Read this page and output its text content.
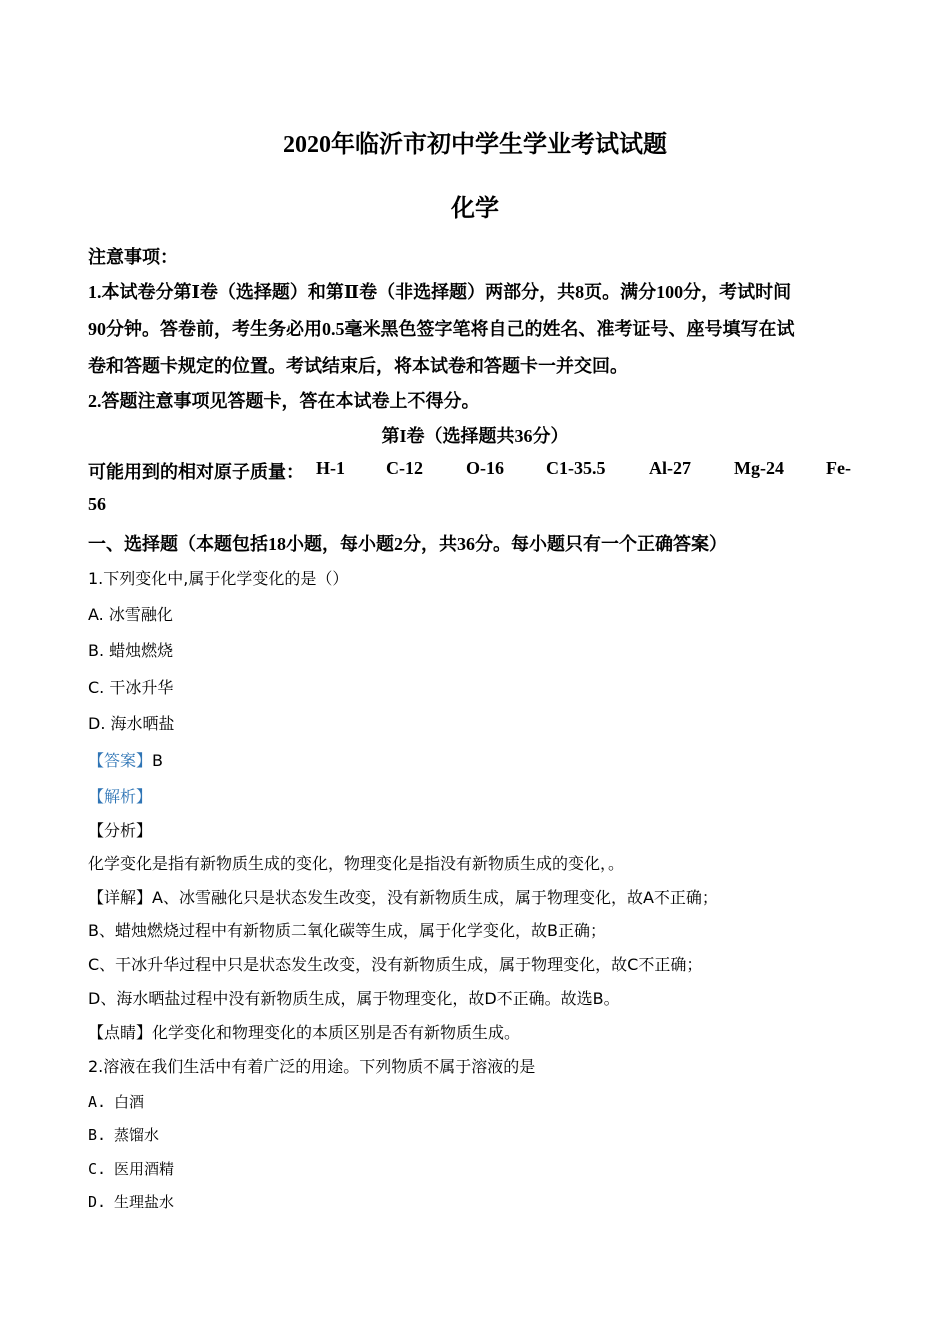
2020年临沂市初中学生学业考试试题
化学
注意事项：
1.本试卷分第Ⅰ卷（选择题）和第Ⅱ卷（非选择题）两部分，共8页。满分100分，考试时间
90分钟。答卷前，考生务必用0.5毫米黑色签字笔将自己的姓名、准考证号、座号填写在试
卷和答题卡规定的位置。考试结束后，将本试卷和答题卡一并交回。
2.答题注意事项见答题卡，答在本试卷上不得分。
第I卷（选择题共36分）
可能用到的相对原子质量： H-1 C-12 O-16 C1-35.5 Al-27 Mg-24 Fe-
56
一、选择题（本题包括18小题，每小题2分，共36分。每小题只有一个正确答案）
1.下列变化中,属于化学变化的是（）
A. 冰雪融化
B. 蜡烛燃烧
C. 干冰升华
D. 海水晒盐
【答案】B
【解析】
【分析】
化学变化是指有新物质生成的变化，物理变化是指没有新物质生成的变化，。
【详解】A、冰雪融化只是状态发生改变，没有新物质生成，属于物理变化，故A不正确；
B、蜡烛燃烧过程中有新物质二氧化碳等生成，属于化学变化，故B正确；
C、干冰升华过程中只是状态发生改变，没有新物质生成，属于物理变化，故C不正确；
D、海水晒盐过程中没有新物质生成，属于物理变化，故D不正确。故选B。
【点睛】化学变化和物理变化的本质区别是否有新物质生成。
2.溶液在我们生活中有着广泛的用途。下列物质不属于溶液的是
A. 白酒
B. 蒸馏水
C. 医用酒精
D. 生理盐水
